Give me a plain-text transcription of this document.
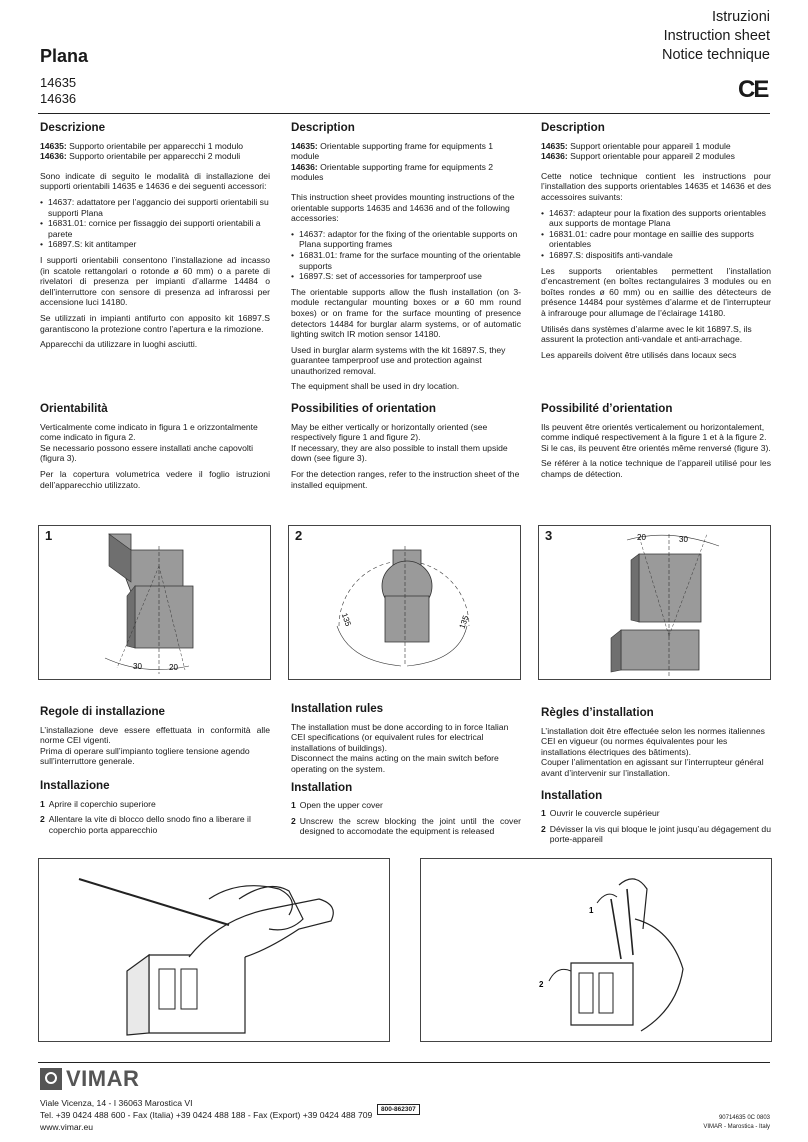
Istruzioni
Instruction sheet
Notice technique
Plana
14635
14636	CE
Descrizione
14635: Supporto orientabile per apparecchi 1 modulo

14636: Supporto orientabile per apparecchi 2 moduli

Sono indicate di seguito le modalità di installazione dei supporti orientabili 14635 e 14636 e dei seguenti accessori:

• 14637: adattatore per l’aggancio dei supporti orientabili su supporti Plana
• 16831.01: cornice per fissaggio dei supporti orientabili a parete
• 16897.S: kit antitamper

I supporti orientabili consentono l’installazione ad incasso (in scatole rettangolari o rotonde ø 60 mm) o a parete di rivelatori di presenza per impianti d’allarme 14484 o dell’interruttore con sensore di presenza ad infrarossi per accensione luci 14180.

Se utilizzati in impianti antifurto con apposito kit 16897.S garantiscono la protezione contro l’apertura e la rimozione.

Apparecchi da utilizzare in luoghi asciutti.

Orientabilità
Verticalmente come indicato in figura 1 e orizzontalmente come indicato in figura 2.

Se necessario possono essere installati anche capovolti (figura 3).

Per la copertura volumetrica vedere il foglio istruzioni dell’apparecchio utilizzato.

Description
14635: Orientable supporting frame for equipments 1 module

14636: Orientable supporting frame for equipments 2 modules

This instruction sheet provides mounting instructions of the orientable supports 14635 and 14636 and of the following accessories:

• 14637: adaptor for the fixing of the orientable supports on Plana supporting frames
• 16831.01: frame for the surface mounting of the orientable supports
• 16897.S: set of accessories for tamperproof use

The orientable supports allow the flush installation (on 3-module rectangular mounting boxes or ø 60 mm round boxes) or on frame for the surface mounting of presence detectors 14484 for burglar alarm systems, or of automatic lighting switch IR motion sensor 14180.

Used in burglar alarm systems with the kit 16897.S, they guarantee tamperproof use and protection against unauthorized removal.

The equipment shall be used in dry location.

Possibilities of orientation
May be either vertically or horizontally oriented (see respectively figure 1 and figure 2).

If necessary, they are also possible to install them upside down (see figure 3).

For the detection ranges, refer to the instruction sheet of the installed equipment.

Description
14635: Support orientable pour appareil 1 module

14636: Support orientable pour appareil 2 modules

Cette notice technique contient les instructions pour l’installation des supports orientables 14635 et 14636 et des accessoires suivants:

• 14637: adapteur pour la fixation des supports orientables aux supports de montage Plana
• 16831.01: cadre pour montage en saillie des supports orientables
• 16897.S: dispositifs anti-vandale

Les supports orientables permettent l’installation d’encastrement (en boîtes rectangulaires 3 modules ou en boîtes rondes ø 60 mm) ou en saillie des détecteurs de présence 14484 pour systèmes d’alarme et de l’interrupteur à infrarouge pour allumage de l’éclairage 14180.

Utilisés dans systèmes d’alarme avec le kit 16897.S, ils assurent la protection anti-vandale et anti-arrachage.

Les appareils doivent être utilisés dans locaux secs

Possibilité d’orientation
Ils peuvent être orientés verticalement ou horizontalement, comme indiqué respectivement à la figure 1 et à la figure 2.

Si le cas, ils peuvent être orientés même renversé (figure 3).

Se référer à la notice technique de l’appareil utilisé pour les champs de détection.

1
30	20
2
135	135
3	20	30
Regole di installazione
L’installazione deve essere effettuata in conformità alle norme CEI vigenti.

Prima di operare sull’impianto togliere tensione agendo sull’interruttore generale.

Installazione
1 Aprire il coperchio superiore
2 Allentare la vite di blocco dello snodo fino a liberare il coperchio porta apparecchio
Installation rules
The installation must be done according to in force Italian CEI specifications (or equivalent rules for electrical installations of buildings).

Disconnect the mains acting on the main switch before operating on the system.

Installation
1 Open the upper cover
2 Unscrew the screw blocking the joint until the cover designed to accomodate the equipment is released
Règles d’installation
L’installation doit être effectuée selon les normes italiennes CEI en vigueur (ou normes équivalentes pour les installations électriques des bâtiments).

Couper l’alimentation en agissant sur l’interrupteur général avant d’intervenir sur l’installation.

Installation
1 Ouvrir le couvercle supérieur
2 Dévisser la vis qui bloque le joint jusqu’au dégagement du porte-appareil
1
2
VIMAR
Viale Vicenza, 14 - I 36063 Marostica VI
Tel. +39 0424 488 600 - Fax (Italia) +39 0424 488 188 - Fax (Export) +39 0424 488 709
www.vimar.eu
800-862307
90714635 0C 0803
VIMAR - Marostica - Italy
